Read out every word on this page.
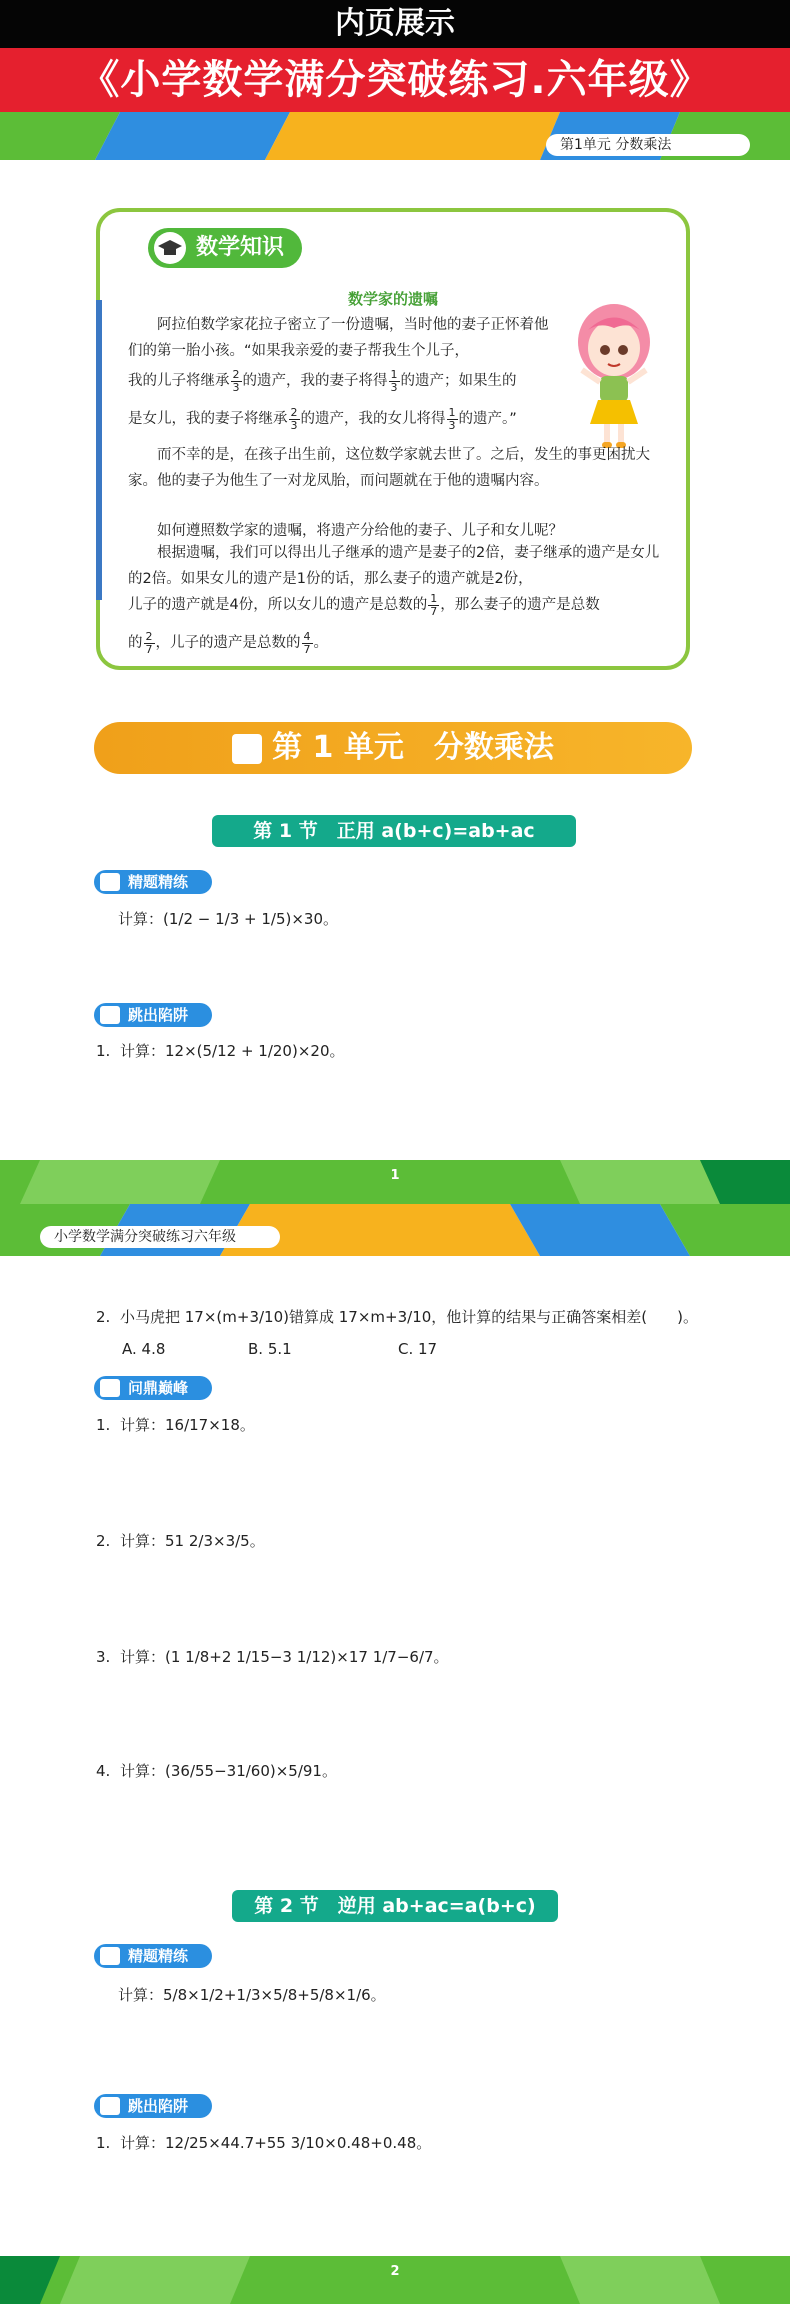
内页展示
《小学数学满分突破练习.六年级》
第1单元 分数乘法
数学知识
数学家的遗嘱
阿拉伯数学家花拉子密立了一份遗嘱，当时他的妻子正怀着他们的第一胎小孩。“如果我亲爱的妻子帮我生个儿子，
我的儿子将继承 $\frac{2}{3}$ 的遗产，我的妻子将得 $\frac{1}{3}$ 的遗产；如果生的
是女儿，我的妻子将继承 $\frac{2}{3}$ 的遗产，我的女儿将得 $\frac{1}{3}$ 的遗产。”
而不幸的是，在孩子出生前，这位数学家就去世了。之后，发生的事更困扰大家。他的妻子为他生了一对龙凤胎，而问题就在于他的遗嘱内容。
如何遵照数学家的遗嘱，将遗产分给他的妻子、儿子和女儿呢？
根据遗嘱，我们可以得出儿子继承的遗产是妻子的2倍，妻子继承的遗产是女儿的2倍。如果女儿的遗产是1份的话，那么妻子的遗产就是2份，
儿子的遗产就是4份，所以女儿的遗产是总数的 $\frac{1}{7}$ ，那么妻子的遗产是总数
的 $\frac{2}{7}$ ，儿子的遗产是总数的 $\frac{4}{7}$ 。
第 1 单元　分数乘法
第 1 节　正用 a(b+c)=ab+ac
精题精练
计算：(1/2 − 1/3 + 1/5)×30。
跳出陷阱
1. 计算：12×(5/12 + 1/20)×20。
1
小学数学满分突破练习六年级
2. 小马虎把 17×(m+3/10)错算成 17×m+3/10，他计算的结果与正确答案相差(　　)。
A. 4.8	B. 5.1	C. 17
问鼎巅峰
1. 计算：16/17×18。
2. 计算：51 2/3×3/5。
3. 计算：(1 1/8+2 1/15−3 1/12)×17 1/7−6/7。
4. 计算：(36/55−31/60)×5/91。
第 2 节　逆用 ab+ac=a(b+c)
精题精练
计算：5/8×1/2+1/3×5/8+5/8×1/6。
跳出陷阱
1. 计算：12/25×44.7+55 3/10×0.48+0.48。
2
